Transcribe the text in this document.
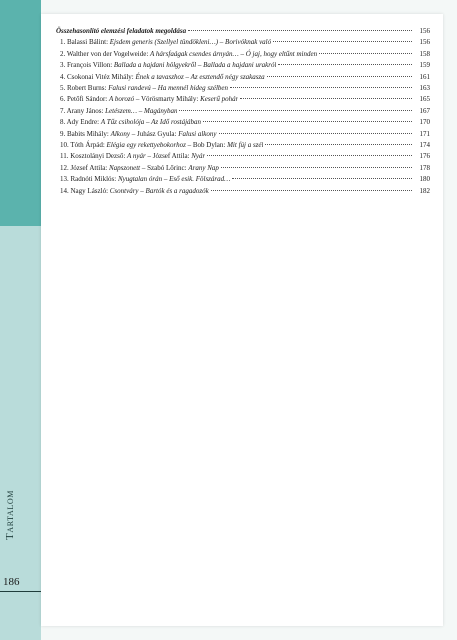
Összehasonlító elemzési feladatok megoldása	156
1. Balassi Bálint: Ejsdem generis (Szellyel tündökleni…) – Borivóknak való	156
2. Walther von der Vogelweide: A hársfaágak csendes árnyán… – Ó jaj, hogy eltűnt minden	158
3. François Villon: Ballada a hajdani hölgyekről – Ballada a hajdani urakról	159
4. Csokonai Vitéz Mihály: Ének a tavaszhoz – Az esztendő négy szakasza	161
5. Robert Burns: Falusi randevú – Ha mennél hideg szélben	163
6. Petőfi Sándor: A borozó – Vörösmarty Mihály: Keserű pohár	165
7. Arany János: Letészem… – Magányban	167
8. Ady Endre: A Tűz csiholója – Az Idő rostájában	170
9. Babits Mihály: Alkony – Juhász Gyula: Falusi alkony	171
10. Tóth Árpád: Elégia egy rekettyebokorhoz – Bob Dylan: Mit fúj a szél	174
11. Kosztolányi Dezső: A nyár – József Attila: Nyár	176
12. József Attila: Napszonett – Szabó Lőrinc: Arany Nap	178
13. Radnóti Miklós: Nyugtalan órán – Eső esik. Fölszárad…	180
14. Nagy László: Csontváry – Bartók és a ragadozók	182
Tartalom
186
